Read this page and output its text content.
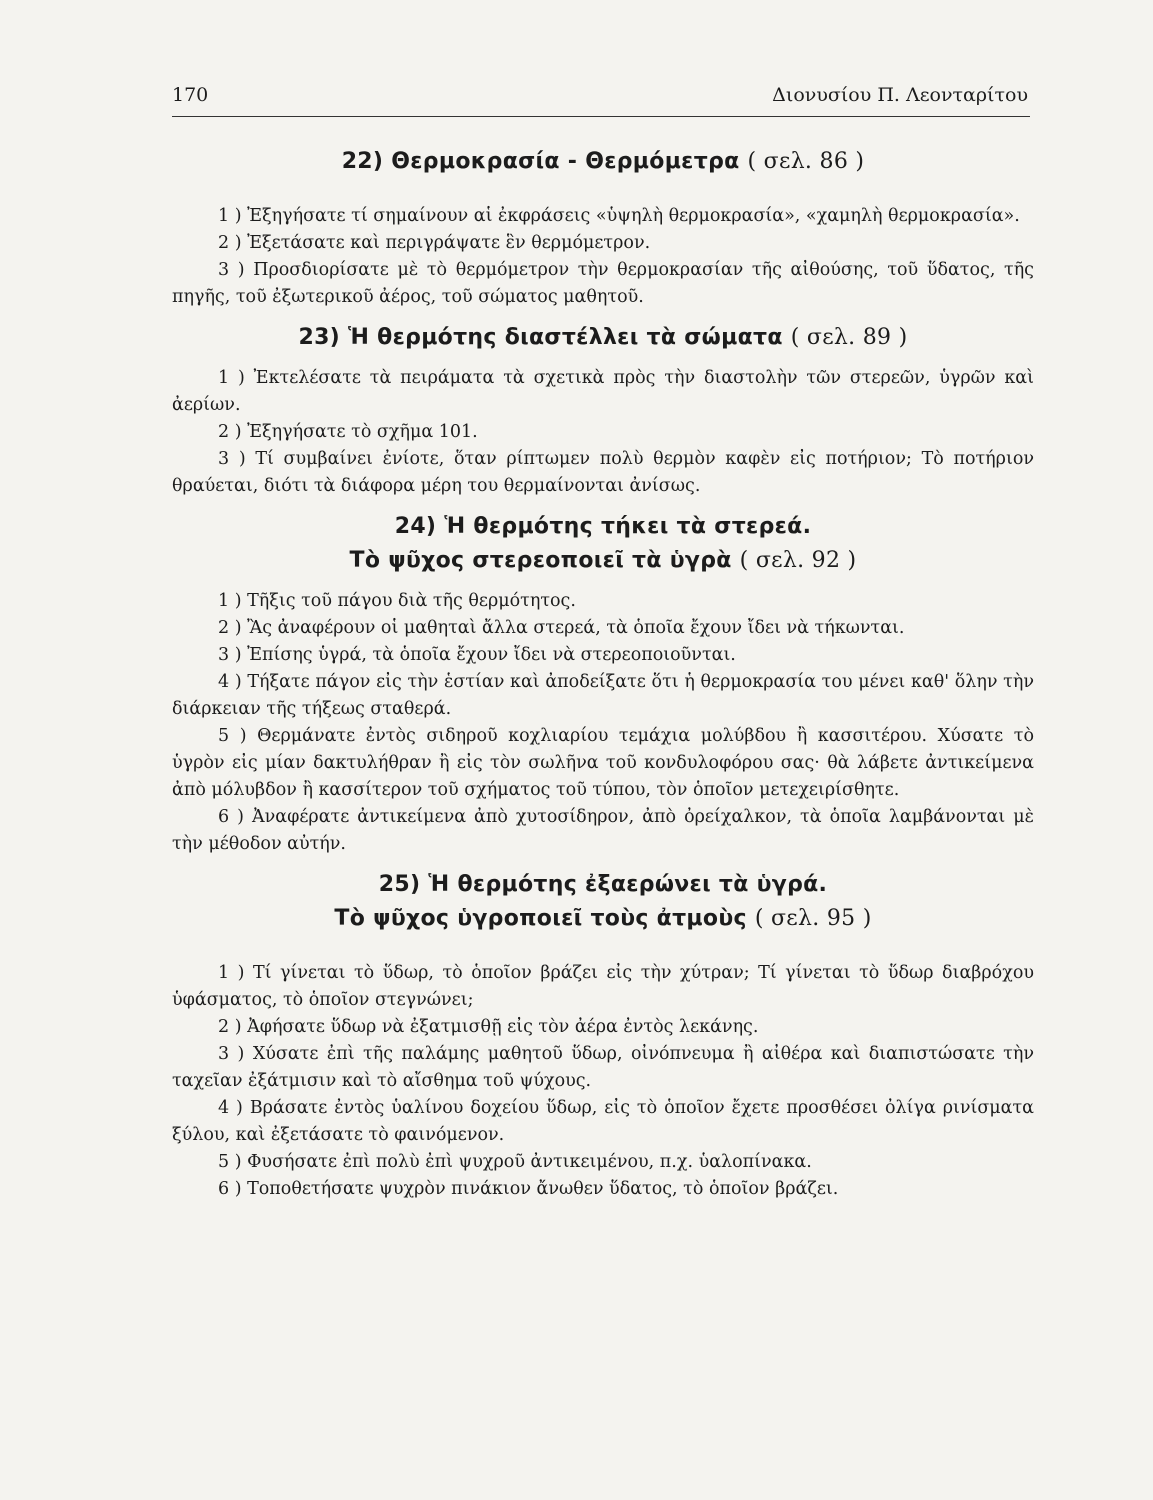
170	Διονυσίου Π. Λεονταρίτου
22) Θερμοκρασία - Θερμόμετρα ( σελ. 86 )

1 ) Ἐξηγήσατε τί σημαίνουν αἱ ἐκφράσεις «ὑψηλὴ θερμοκρασία», «χαμηλὴ θερμοκρασία».

2 ) Ἐξετάσατε καὶ περιγράψατε ἓν θερμόμετρον.

3 ) Προσδιορίσατε μὲ τὸ θερμόμετρον τὴν θερμοκρασίαν τῆς αἰθούσης, τοῦ ὕδατος, τῆς πηγῆς, τοῦ ἐξωτερικοῦ ἀέρος, τοῦ σώματος μαθητοῦ.

23) Ἡ θερμότης διαστέλλει τὰ σώματα ( σελ. 89 )

1 ) Ἐκτελέσατε τὰ πειράματα τὰ σχετικὰ πρὸς τὴν διαστολὴν τῶν στερεῶν, ὑγρῶν καὶ ἀερίων.

2 ) Ἐξηγήσατε τὸ σχῆμα 101.

3 ) Τί συμβαίνει ἐνίοτε, ὅταν ρίπτωμεν πολὺ θερμὸν καφὲν εἰς ποτήριον; Τὸ ποτήριον θραύεται, διότι τὰ διάφορα μέρη του θερμαίνονται ἀνίσως.

24) Ἡ θερμότης τήκει τὰ στερεά.
Τὸ ψῦχος στερεοποιεῖ τὰ ὑγρὰ ( σελ. 92 )

1 ) Τῆξις τοῦ πάγου διὰ τῆς θερμότητος.

2 ) Ἂς ἀναφέρουν οἱ μαθηταὶ ἄλλα στερεά, τὰ ὁποῖα ἔχουν ἴδει νὰ τήκωνται.

3 ) Ἐπίσης ὑγρά, τὰ ὁποῖα ἔχουν ἴδει νὰ στερεοποιοῦνται.

4 ) Τήξατε πάγον εἰς τὴν ἑστίαν καὶ ἀποδείξατε ὅτι ἡ θερμοκρασία του μένει καθ' ὅλην τὴν διάρκειαν τῆς τήξεως σταθερά.

5 ) Θερμάνατε ἐντὸς σιδηροῦ κοχλιαρίου τεμάχια μολύβδου ἢ κασσιτέρου. Χύσατε τὸ ὑγρὸν εἰς μίαν δακτυλήθραν ἢ εἰς τὸν σωλῆνα τοῦ κονδυλοφόρου σας· θὰ λάβετε ἀντικείμενα ἀπὸ μόλυβδον ἢ κασσίτερον τοῦ σχήματος τοῦ τύπου, τὸν ὁποῖον μετεχειρίσθητε.

6 ) Ἀναφέρατε ἀντικείμενα ἀπὸ χυτοσίδηρον, ἀπὸ ὀρείχαλκον, τὰ ὁποῖα λαμβάνονται μὲ τὴν μέθοδον αὐτήν.

25) Ἡ θερμότης ἐξαερώνει τὰ ὑγρά.
Τὸ ψῦχος ὑγροποιεῖ τοὺς ἀτμοὺς ( σελ. 95 )

1 ) Τί γίνεται τὸ ὕδωρ, τὸ ὁποῖον βράζει εἰς τὴν χύτραν; Τί γίνεται τὸ ὕδωρ διαβρόχου ὑφάσματος, τὸ ὁποῖον στεγνώνει;

2 ) Ἀφήσατε ὕδωρ νὰ ἐξατμισθῇ εἰς τὸν ἀέρα ἐντὸς λεκάνης.

3 ) Χύσατε ἐπὶ τῆς παλάμης μαθητοῦ ὕδωρ, οἰνόπνευμα ἢ αἰθέρα καὶ διαπιστώσατε τὴν ταχεῖαν ἐξάτμισιν καὶ τὸ αἴσθημα τοῦ ψύχους.

4 ) Βράσατε ἐντὸς ὑαλίνου δοχείου ὕδωρ, εἰς τὸ ὁποῖον ἔχετε προσθέσει ὀλίγα ρινίσματα ξύλου, καὶ ἐξετάσατε τὸ φαινόμενον.

5 ) Φυσήσατε ἐπὶ πολὺ ἐπὶ ψυχροῦ ἀντικειμένου, π.χ. ὑαλοπίνακα.

6 ) Τοποθετήσατε ψυχρὸν πινάκιον ἄνωθεν ὕδατος, τὸ ὁποῖον βράζει.
